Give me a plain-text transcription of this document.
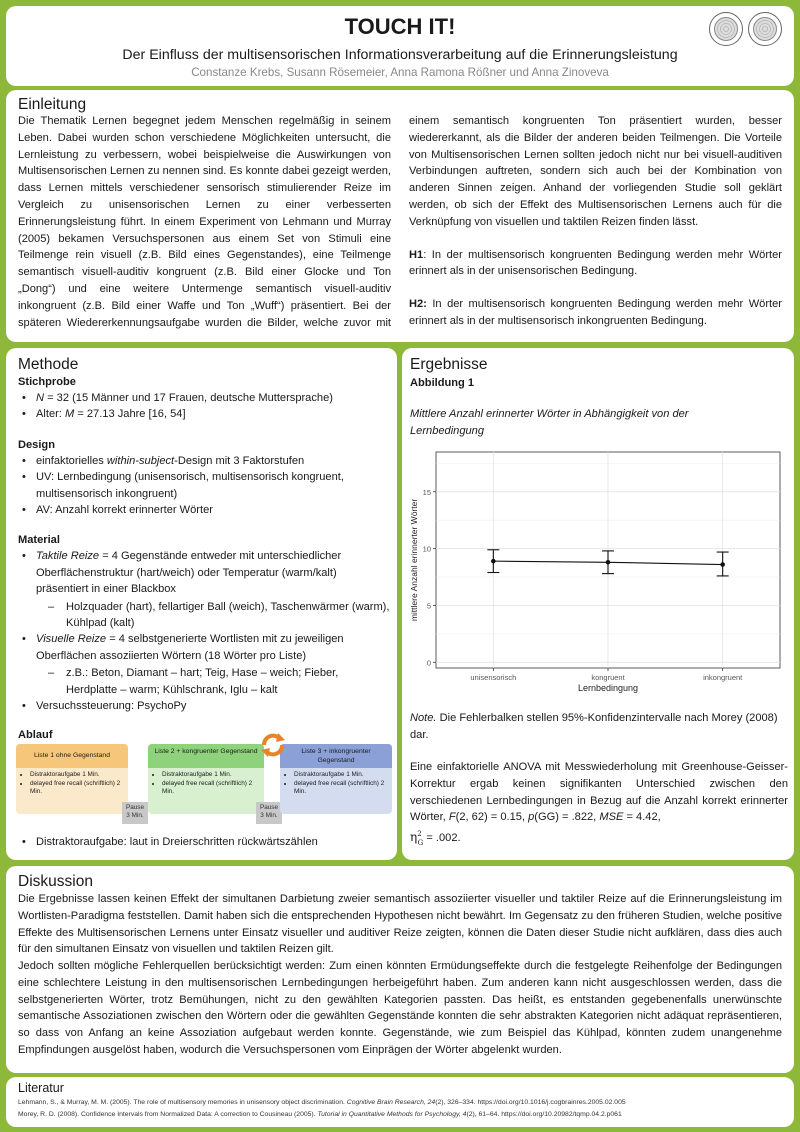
TOUCH IT!
Der Einfluss der multisensorischen Informationsverarbeitung auf die Erinnerungsleistung
Constanze Krebs, Susann Rösemeier, Anna Ramona Rößner und Anna Zinoveva
Einleitung

Die Thematik Lernen begegnet jedem Menschen regelmäßig in seinem Leben. Dabei wurden schon verschiedene Möglichkeiten untersucht, die Lernleistung zu verbessern, wobei beispielweise die Auswirkungen von Multisensorischen Lernen zu nennen sind. Es konnte dabei gezeigt werden, dass Lernen mittels verschiedener sensorisch stimulierender Reize im Vergleich zu unisensorischen Lernen zu einer verbesserten Erinnerungsleistung führt. In einem Experiment von Lehmann und Murray (2005) bekamen Versuchspersonen aus einem Set von Stimuli eine Teilmenge rein visuell (z.B. Bild eines Gegenstandes), eine Teilmenge semantisch visuell-auditiv kongruent (z.B. Bild einer Glocke und Ton „Dong“) und eine weitere Untermenge semantisch visuell-auditiv inkongruent (z.B. Bild einer Waffe und Ton „Wuff“) präsentiert. Bei der späteren Wiedererkennungsaufgabe wurden die Bilder, welche zuvor mit einem semantisch kongruenten Ton präsentiert wurden, besser wiedererkannt, als die Bilder der anderen beiden Teilmengen. Die Vorteile von Multisensorischen Lernen sollten jedoch nicht nur bei visuell-auditiven Verbindungen auftreten, sondern sich auch bei der Kombination von anderen Sinnen zeigen. Anhand der vorliegenden Studie soll geklärt werden, ob sich der Effekt des Multisensorischen Lernens auch für die Verknüpfung von visuellen und taktilen Reizen finden lässt.

H1: In der multisensorisch kongruenten Bedingung werden mehr Wörter erinnert als in der unisensorischen Bedingung.

H2: In der multisensorisch kongruenten Bedingung werden mehr Wörter erinnert als in der multisensorisch inkongruenten Bedingung.

Methode
Stichprobe
• N = 32 (15 Männer und 17 Frauen, deutsche Muttersprache)
• Alter: M = 27.13 Jahre [16, 54]
Design
• einfaktorielles within-subject-Design mit 3 Faktorstufen
• UV: Lernbedingung (unisensorisch, multisensorisch kongruent, multisensorisch inkongruent)
• AV: Anzahl korrekt erinnerter Wörter
Material
• Taktile Reize = 4 Gegenstände entweder mit unterschiedlicher Oberflächenstruktur (hart/weich) oder Temperatur (warm/kalt) präsentiert in einer Blackbox
– Holzquader (hart), fellartiger Ball (weich), Taschenwärmer (warm), Kühlpad (kalt)
• Visuelle Reize = 4 selbstgenerierte Wortlisten mit zu jeweiligen Oberflächen assoziierten Wörtern (18 Wörter pro Liste)
– z.B.: Beton, Diamant – hart; Teig, Hase – weich; Fieber, Herdplatte – warm; Kühlschrank, Iglu – kalt
• Versuchssteuerung: PsychoPy
Ablauf
Liste 1 ohne Gegenstand
• Distraktoraufgabe 1 Min.
• delayed free recall (schriftlich) 2 Min.
Pause 3 Min.
Liste 2 + kongruenter Gegenstand
• Distraktoraufgabe 1 Min.
• delayed free recall (schriftlich) 2 Min.
Pause 3 Min.
Liste 3 + inkongruenter Gegenstand
• Distraktoraufgabe 1 Min.
• delayed free recall (schriftlich) 2 Min.
• Distraktoraufgabe: laut in Dreierschritten rückwärtszählen
Ergebnisse
Abbildung 1
Mittlere Anzahl erinnerter Wörter in Abhängigkeit von der Lernbedingung
0
5
10
15
unisensorisch	kongruent	inkongruent
Lernbedingung
mittlere Anzahl erinnerter Wörter
Note. Die Fehlerbalken stellen 95%-Konfidenzintervalle nach Morey (2008) dar.
Eine einfaktorielle ANOVA mit Messwiederholung mit Greenhouse-Geisser-Korrektur ergab keinen signifikanten Unterschied zwischen den verschiedenen Lernbedingungen in Bezug auf die Anzahl korrekt erinnerter Wörter, F(2, 62) = 0.15, p(GG) = .822, MSE = 4.42,
$\eta^2_G = .002$.
Diskussion

Die Ergebnisse lassen keinen Effekt der simultanen Darbietung zweier semantisch assoziierter visueller und taktiler Reize auf die Erinnerungsleistung im Wortlisten-Paradigma feststellen. Damit haben sich die entsprechenden Hypothesen nicht bewährt. Im Gegensatz zu den früheren Studien, welche positive Effekte des Multisensorischen Lernens unter Einsatz visueller und auditiver Reize zeigten, können die Daten dieser Studie nicht aufklären, dass dies auch für den simultanen Einsatz von visuellen und taktilen Reizen gilt.

Jedoch sollten mögliche Fehlerquellen berücksichtigt werden: Zum einen könnten Ermüdungseffekte durch die festgelegte Reihenfolge der Bedingungen eine schlechtere Leistung in den multisensorischen Lernbedingungen herbeigeführt haben. Zum anderen kann nicht ausgeschlossen werden, dass die selbstgenerierten Wörter, trotz Bemühungen, nicht zu den gewählten Kategorien passten. Das heißt, es entstanden gegebenenfalls unerwünschte semantische Assoziationen zwischen den Wörtern oder die gewählten Gegenstände konnten die sehr abstrakten Kategorien nicht adäquat repräsentieren, so dass von Anfang an keine Assoziation aufgebaut werden konnte. Gegenstände, wie zum Beispiel das Kühlpad, könnten zudem unangenehme Empfindungen ausgelöst haben, wodurch die Versuchspersonen vom Einprägen der Wörter abgelenkt wurden.

Literatur
Lehmann, S., & Murray, M. M. (2005). The role of multisensory memories in unisensory object discrimination. Cognitive Brain Research, 24(2), 326–334. https://doi.org/10.1016/j.cogbrainres.2005.02.005
Morey, R. D. (2008). Confidence Intervals from Normalized Data: A correction to Cousineau (2005). Tutorial in Quantitative Methods for Psychology, 4(2), 61–64. https://doi.org/10.20982/tqmp.04.2.p061
